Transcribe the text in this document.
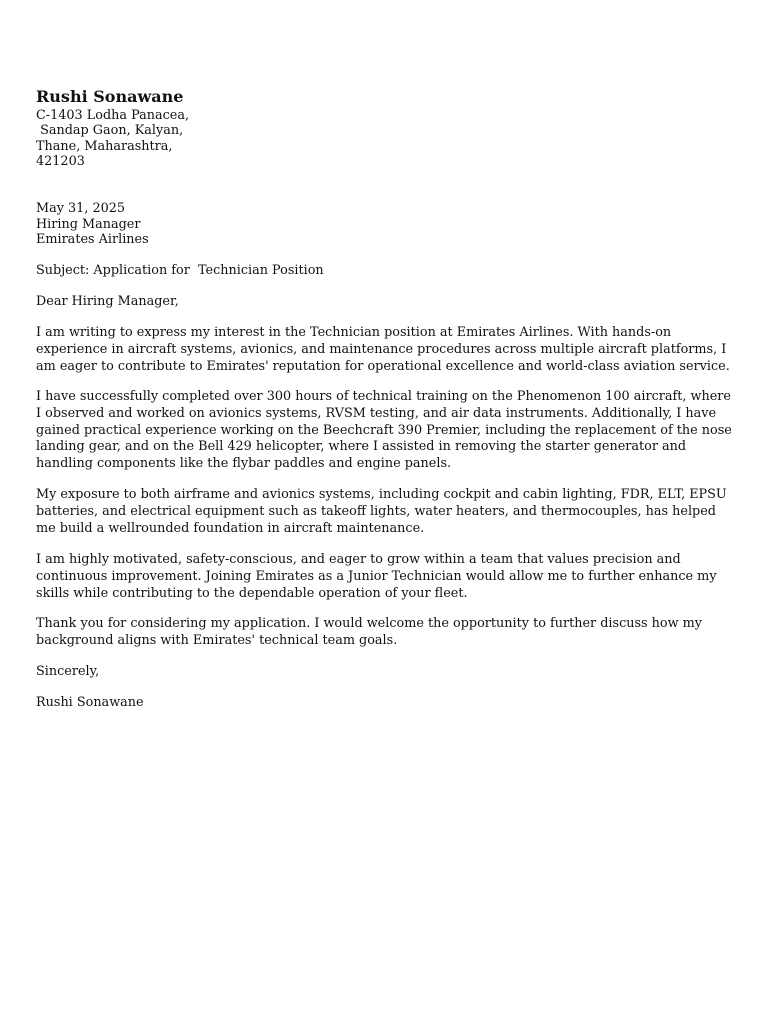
Rushi Sonawane
C-1403 Lodha Panacea,
Sandap Gaon, Kalyan,
Thane, Maharashtra,
421203
May 31, 2025
Hiring Manager
Emirates Airlines
Subject: Application for  Technician Position
Dear Hiring Manager,
I am writing to express my interest in the Technician position at Emirates Airlines. With hands-on experience in aircraft systems, avionics, and maintenance procedures across multiple aircraft platforms, I am eager to contribute to Emirates' reputation for operational excellence and world-class aviation service.
I have successfully completed over 300 hours of technical training on the Phenomenon 100 aircraft, where I observed and worked on avionics systems, RVSM testing, and air data instruments. Additionally, I have gained practical experience working on the Beechcraft 390 Premier, including the replacement of the nose landing gear, and on the Bell 429 helicopter, where I assisted in removing the starter generator and handling components like the flybar paddles and engine panels.
My exposure to both airframe and avionics systems, including cockpit and cabin lighting, FDR, ELT, EPSU batteries, and electrical equipment such as takeoff lights, water heaters, and thermocouples, has helped me build a wellrounded foundation in aircraft maintenance.
I am highly motivated, safety-conscious, and eager to grow within a team that values precision and continuous improvement. Joining Emirates as a Junior Technician would allow me to further enhance my skills while contributing to the dependable operation of your fleet.
Thank you for considering my application. I would welcome the opportunity to further discuss how my background aligns with Emirates' technical team goals.
Sincerely,
Rushi Sonawane
